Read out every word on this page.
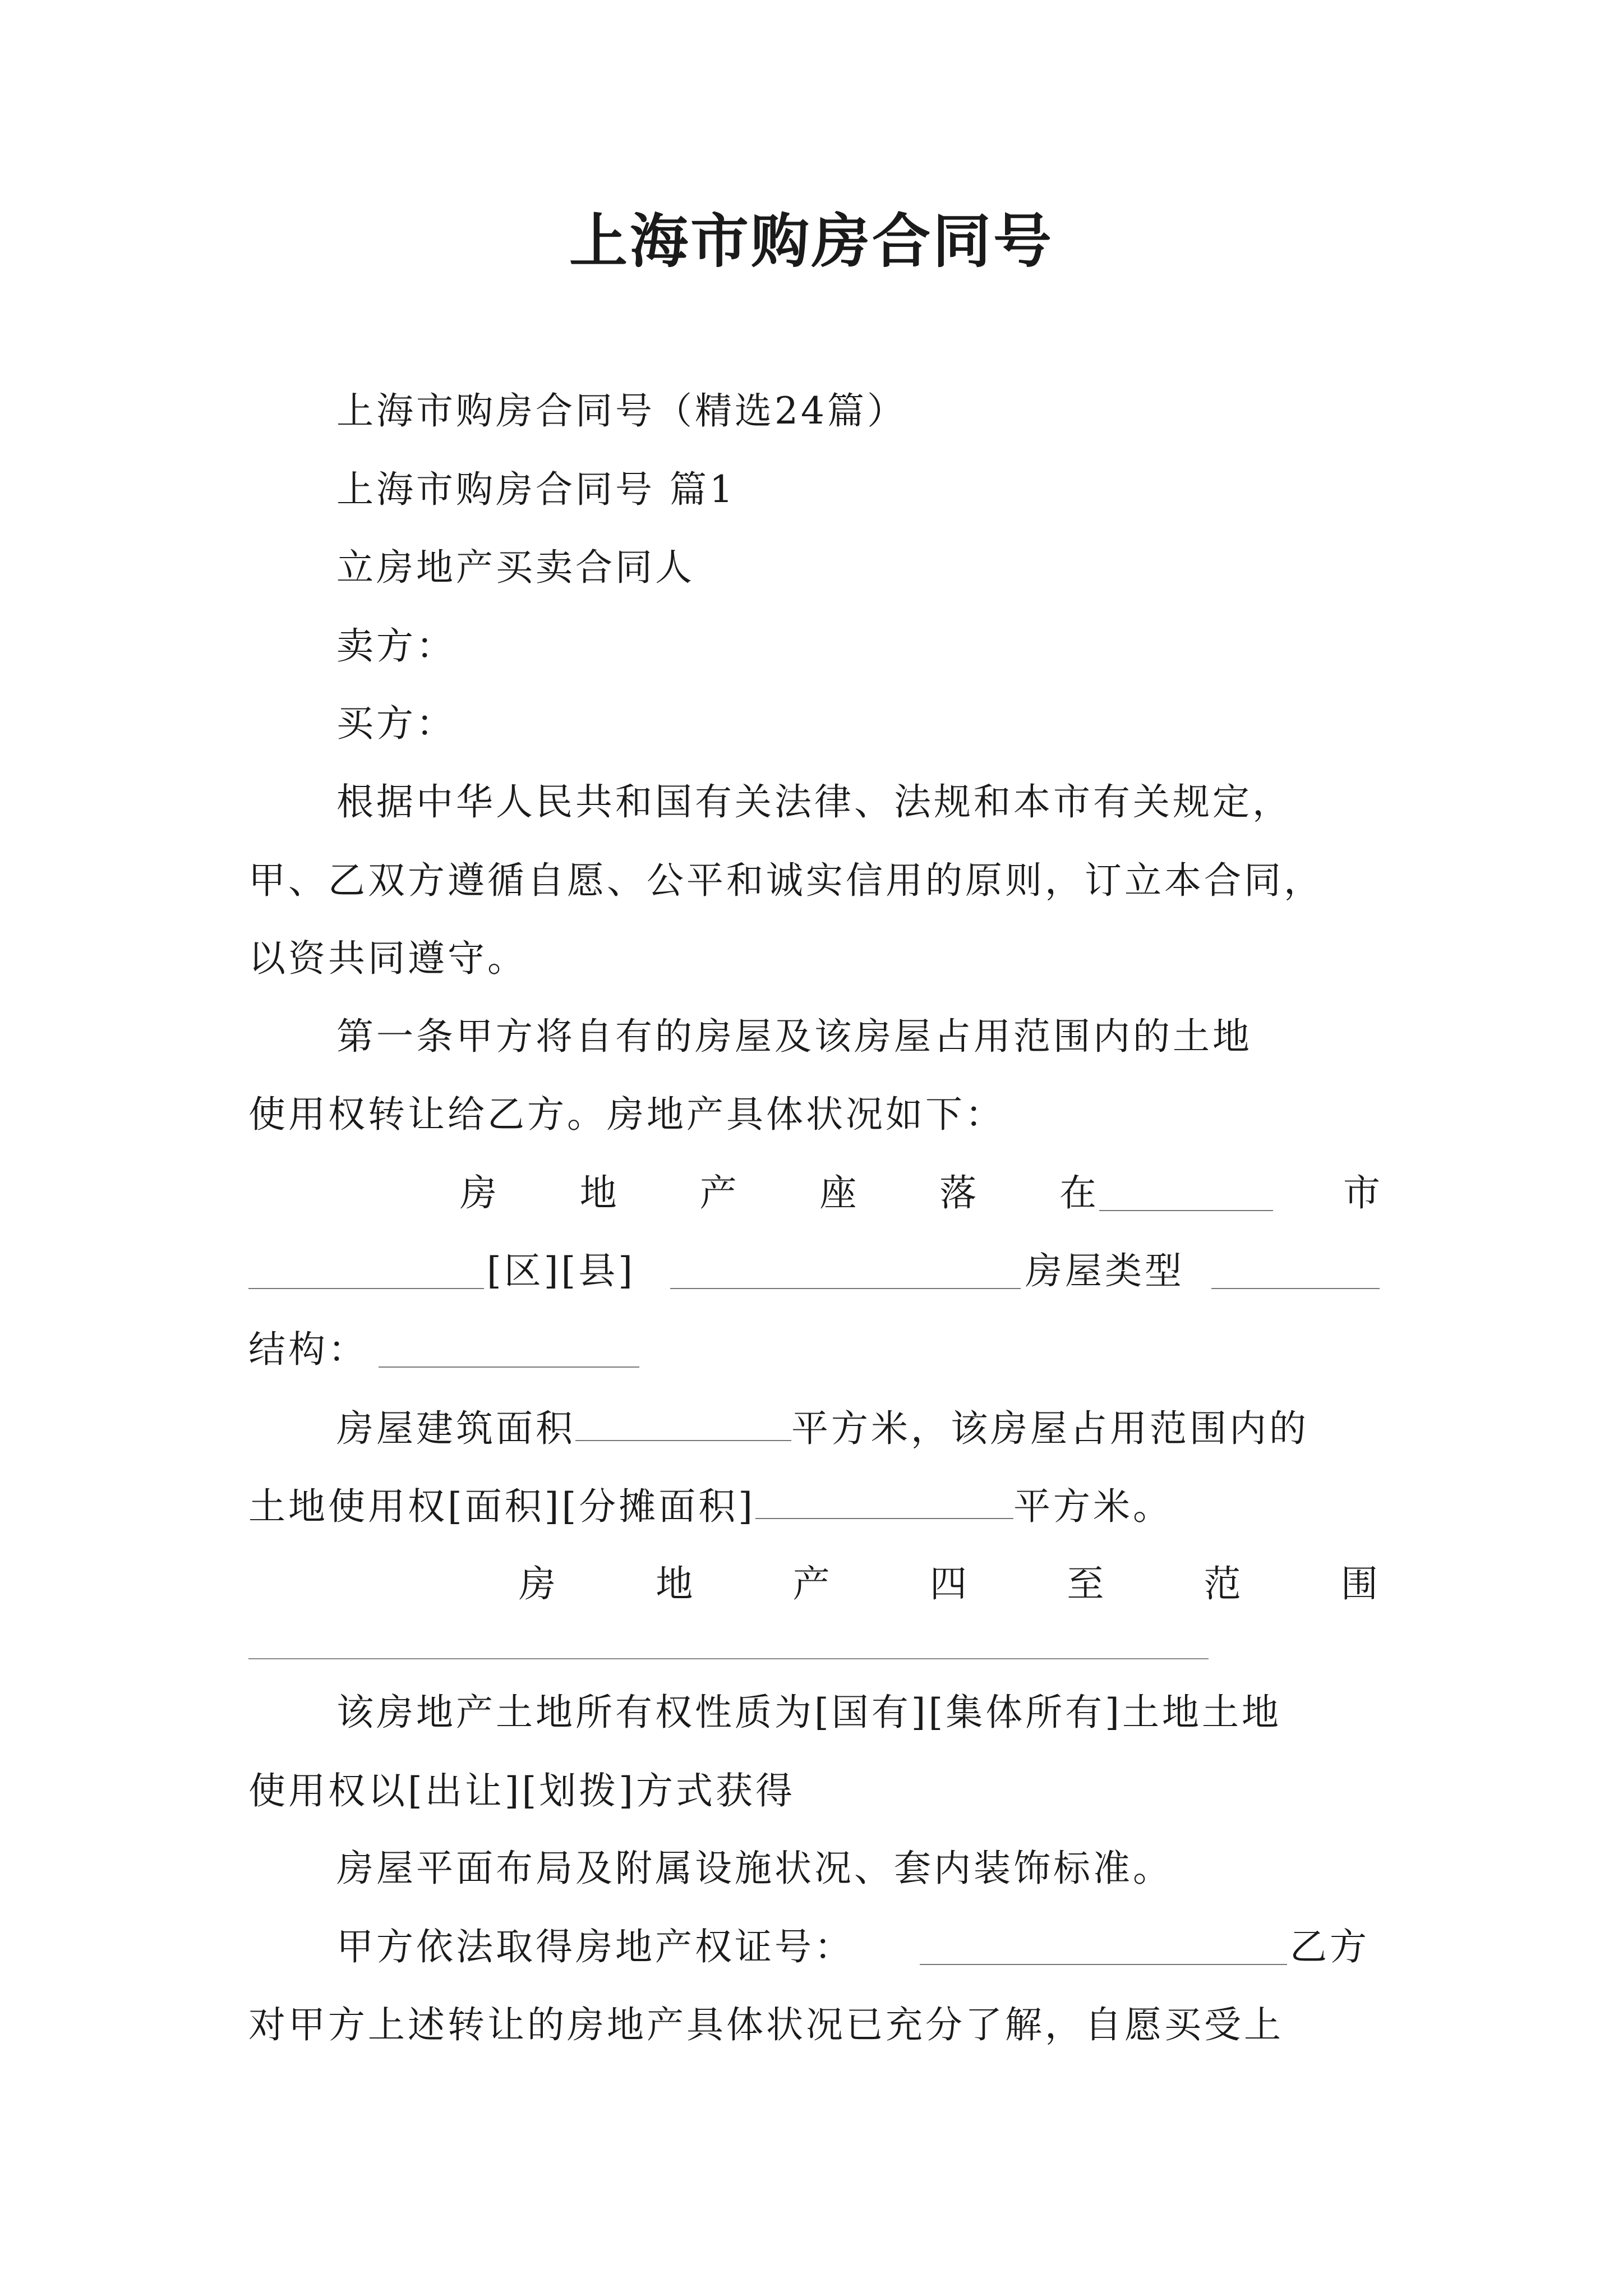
上海市购房合同号
上海市购房合同号（精选24篇）
上海市购房合同号 篇1
立房地产买卖合同人
卖方：
买方：
根据中华人民共和国有关法律、法规和本市有关规定，
甲、乙双方遵循自愿、公平和诚实信用的原则，订立本合同，
以资共同遵守。
第一条甲方将自有的房屋及该房屋占用范围内的土地
使用权转让给乙方。房地产具体状况如下：
房 地 产 座 落 在	市
[区][县]	房屋类型
结构：
房屋建筑面积	平方米，该房屋占用范围内的
土地使用权[面积][分摊面积]	平方米。
房	地	产	四	至	范	围
该房地产土地所有权性质为[国有][集体所有]土地土地
使用权以[出让][划拨]方式获得
房屋平面布局及附属设施状况、套内装饰标准。
甲方依法取得房地产权证号：	乙方
对甲方上述转让的房地产具体状况已充分了解，自愿买受上
